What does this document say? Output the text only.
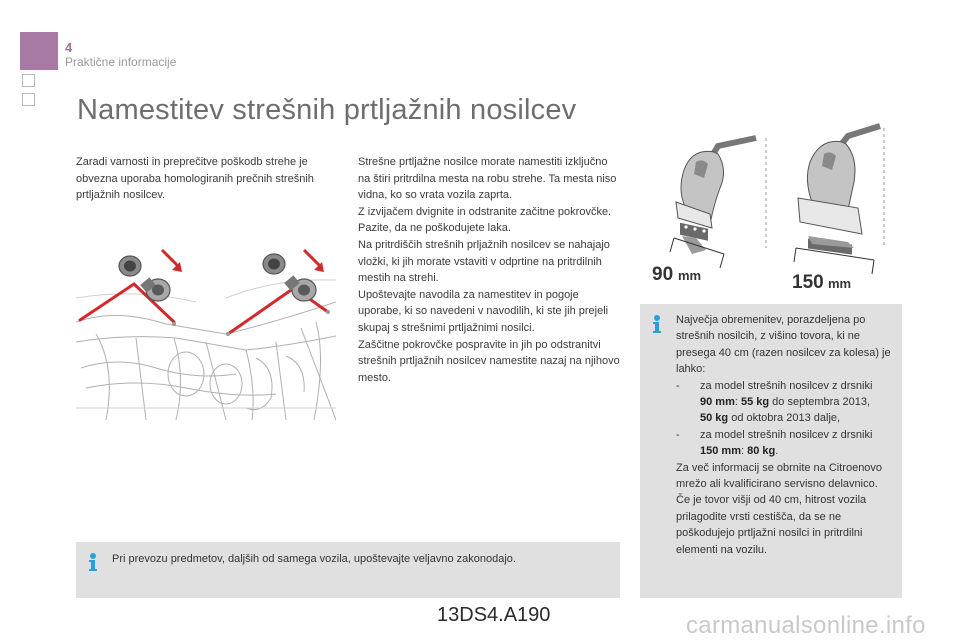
4
Praktične informacije
Namestitev strešnih prtljažnih nosilcev
Zaradi varnosti in preprečitve poškodb strehe je obvezna uporaba homologiranih prečnih strešnih prtljažnih nosilcev.

Strešne prtljažne nosilce morate namestiti izključno na štiri pritrdilna mesta na robu strehe. Ta mesta niso vidna, ko so vrata vozila zaprta.

Z izvijačem dvignite in odstranite začitne pokrovčke. Pazite, da ne poškodujete laka.

Na pritrdiščih strešnih prljažnih nosilcev se nahajajo vložki, ki jih morate vstaviti v odprtine na pritrdilnih mestih na strehi.

Upoštevajte navodila za namestitev in pogoje uporabe, ki so navedeni v navodilih, ki ste jih prejeli skupaj s strešnimi prtljažnimi nosilci.

Zaščitne pokrovčke pospravite in jih po odstranitvi strešnih prtljažnih nosilcev namestite nazaj na njihovo mesto.

90 mm	150 mm
Največja obremenitev, porazdeljena po strešnih nosilcih, z višino tovora, ki ne presega 40 cm (razen nosilcev za kolesa) je lahko:
-	za model strešnih nosilcev z drsniki
90 mm: 55 kg do septembra 2013,
50 kg od oktobra 2013 dalje,
-	za model strešnih nosilcev z drsniki
150 mm: 80 kg.
Za več informacij se obrnite na Citroenovo mrežo ali kvalificirano servisno delavnico.
Če je tovor višji od 40 cm, hitrost vozila prilagodite vrsti cestišča, da se ne poškodujejo prtljažni nosilci in pritrdilni elementi na vozilu.
Pri prevozu predmetov, daljših od samega vozila, upoštevajte veljavno zakonodajo.
13DS4.A190	carmanualsonline.info
